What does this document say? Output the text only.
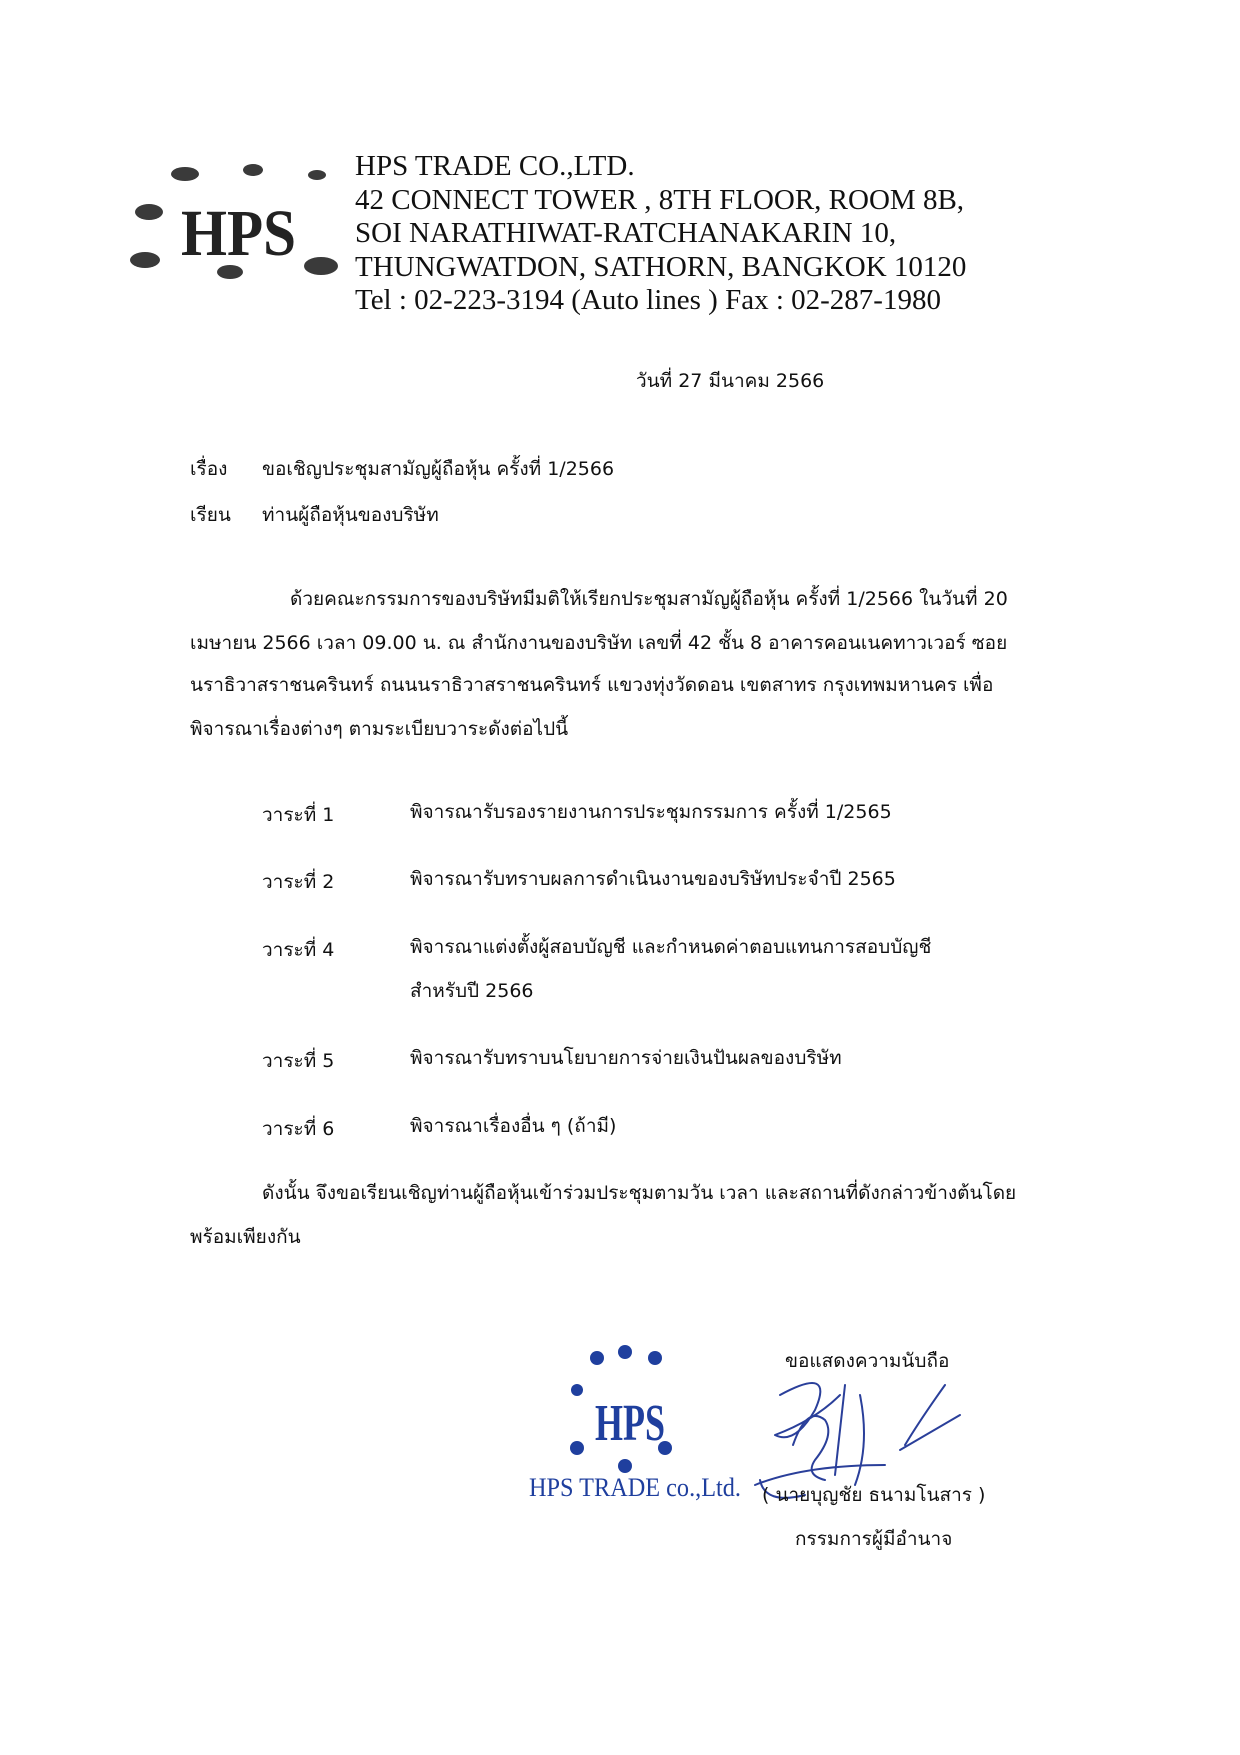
HPS
HPS TRADE CO.,LTD.
42 CONNECT TOWER , 8TH FLOOR, ROOM 8B,
SOI NARATHIWAT-RATCHANAKARIN 10,
THUNGWATDON, SATHORN, BANGKOK 10120
Tel : 02-223-3194 (Auto lines ) Fax : 02-287-1980
วันที่ 27 มีนาคม 2566
เรื่อง ขอเชิญประชุมสามัญผู้ถือหุ้น ครั้งที่ 1/2566
เรียน ท่านผู้ถือหุ้นของบริษัท
ด้วยคณะกรรมการของบริษัทมีมติให้เรียกประชุมสามัญผู้ถือหุ้น ครั้งที่ 1/2566 ในวันที่ 20
เมษายน 2566 เวลา 09.00 น. ณ สำนักงานของบริษัท เลขที่ 42 ชั้น 8 อาคารคอนเนคทาวเวอร์ ซอย
นราธิวาสราชนครินทร์ ถนนนราธิวาสราชนครินทร์ แขวงทุ่งวัดดอน เขตสาทร กรุงเทพมหานคร เพื่อ
พิจารณาเรื่องต่างๆ ตามระเบียบวาระดังต่อไปนี้
วาระที่ 1	พิจารณารับรองรายงานการประชุมกรรมการ ครั้งที่ 1/2565
วาระที่ 2	พิจารณารับทราบผลการดำเนินงานของบริษัทประจำปี 2565
วาระที่ 4	พิจารณาแต่งตั้งผู้สอบบัญชี และกำหนดค่าตอบแทนการสอบบัญชี
สำหรับปี 2566
วาระที่ 5	พิจารณารับทราบนโยบายการจ่ายเงินปันผลของบริษัท
วาระที่ 6	พิจารณาเรื่องอื่น ๆ (ถ้ามี)
ดังนั้น จึงขอเรียนเชิญท่านผู้ถือหุ้นเข้าร่วมประชุมตามวัน เวลา และสถานที่ดังกล่าวข้างต้นโดย
พร้อมเพียงกัน
HPS
HPS TRADE co.,Ltd.
ขอแสดงความนับถือ
( นายบุญชัย ธนามโนสาร )
กรรมการผู้มีอำนาจ
